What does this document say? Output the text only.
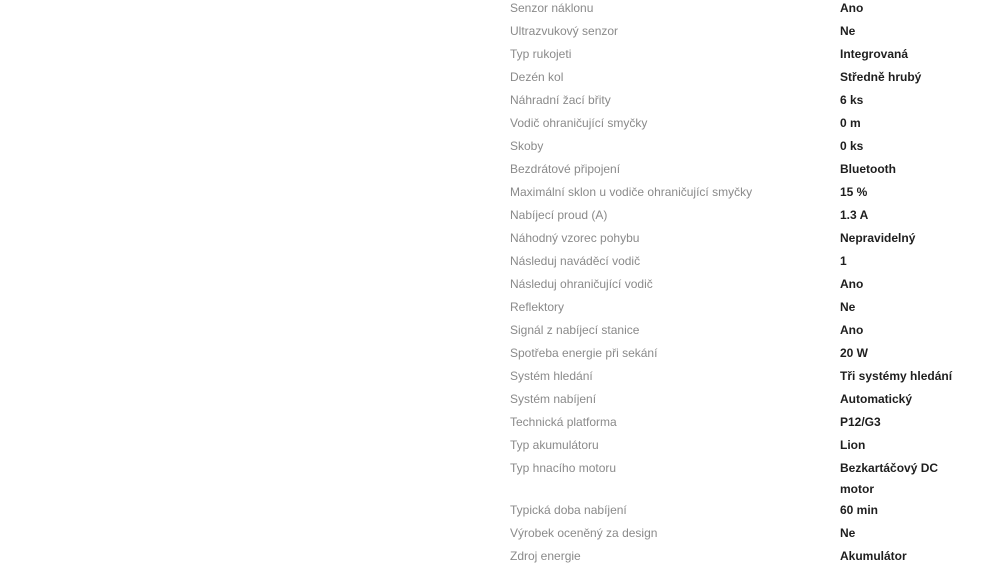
Senzor náklonu	Ano
Ultrazvukový senzor	Ne
Typ rukojeti	Integrovaná
Dezén kol	Středně hrubý
Náhradní žací břity	6 ks
Vodič ohraničující smyčky	0 m
Skoby	0 ks
Bezdrátové připojení	Bluetooth
Maximální sklon u vodiče ohraničující smyčky	15 %
Nabíjecí proud (A)	1.3 A
Náhodný vzorec pohybu	Nepravidelný
Následuj naváděcí vodič	1
Následuj ohraničující vodič	Ano
Reflektory	Ne
Signál z nabíjecí stanice	Ano
Spotřeba energie při sekání	20 W
Systém hledání	Tři systémy hledání
Systém nabíjení	Automatický
Technická platforma	P12/G3
Typ akumulátoru	Lion
Typ hnacího motoru	Bezkartáčový DC motor
Typická doba nabíjení	60 min
Výrobek oceněný za design	Ne
Zdroj energie	Akumulátor
